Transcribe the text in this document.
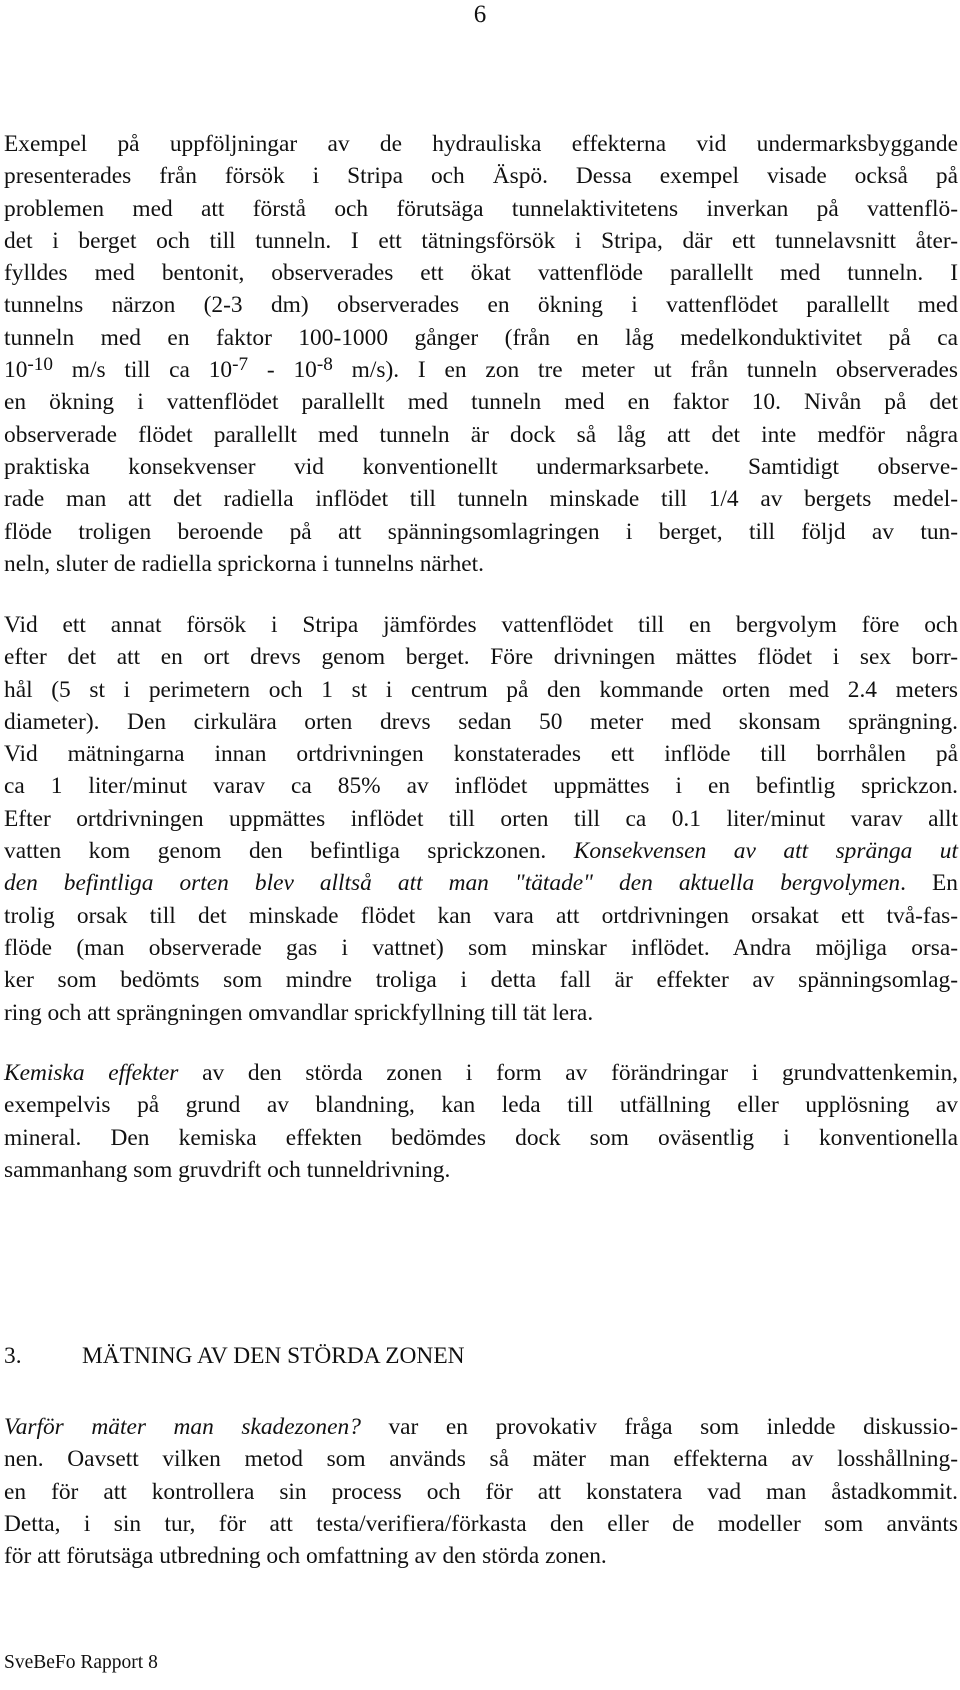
6

Exempel på uppföljningar av de hydrauliska effekterna vid undermarksbyggande
presenterades från försök i Stripa och Äspö. Dessa exempel visade också på
problemen med att förstå och förutsäga tunnelaktivitetens inverkan på vattenflö-
det i berget och till tunneln. I ett tätningsförsök i Stripa, där ett tunnelavsnitt åter-
fylldes med bentonit, observerades ett ökat vattenflöde parallellt med tunneln. I
tunnelns närzon (2-3 dm) observerades en ökning i vattenflödet parallellt med
tunneln med en faktor 100-1000 gånger (från en låg medelkonduktivitet på ca
$10^{-10}$ m/s till ca $10^{-7} - 10^{-8}$ m/s). I en zon tre meter ut från tunneln observerades
en ökning i vattenflödet parallellt med tunneln med en faktor 10. Nivån på det
observerade flödet parallellt med tunneln är dock så låg att det inte medför några
praktiska konsekvenser vid konventionellt undermarksarbete. Samtidigt observe-
rade man att det radiella inflödet till tunneln minskade till 1/4 av bergets medel-
flöde troligen beroende på att spänningsomlagringen i berget, till följd av tun-
neln, sluter de radiella sprickorna i tunnelns närhet.

Vid ett annat försök i Stripa jämfördes vattenflödet till en bergvolym före och
efter det att en ort drevs genom berget. Före drivningen mättes flödet i sex borr-
hål (5 st i perimetern och 1 st i centrum på den kommande orten med 2.4 meters
diameter). Den cirkulära orten drevs sedan 50 meter med skonsam sprängning.
Vid mätningarna innan ortdrivningen konstaterades ett inflöde till borrhålen på
ca 1 liter/minut varav ca 85% av inflödet uppmättes i en befintlig sprickzon.
Efter ortdrivningen uppmättes inflödet till orten till ca 0.1 liter/minut varav allt
vatten kom genom den befintliga sprickzonen. Konsekvensen av att spränga ut
den befintliga orten blev alltså att man "tätade" den aktuella bergvolymen. En
trolig orsak till det minskade flödet kan vara att ortdrivningen orsakat ett två-fas-
flöde (man observerade gas i vattnet) som minskar inflödet. Andra möjliga orsa-
ker som bedömts som mindre troliga i detta fall är effekter av spänningsomlag-
ring och att sprängningen omvandlar sprickfyllning till tät lera.

Kemiska effekter av den störda zonen i form av förändringar i grundvattenkemin,
exempelvis på grund av blandning, kan leda till utfällning eller upplösning av
mineral. Den kemiska effekten bedömdes dock som oväsentlig i konventionella
sammanhang som gruvdrift och tunneldrivning.

3.	MÄTNING AV DEN STÖRDA ZONEN

Varför mäter man skadezonen? var en provokativ fråga som inledde diskussio-
nen. Oavsett vilken metod som används så mäter man effekterna av losshållning-
en för att kontrollera sin process och för att konstatera vad man åstadkommit.
Detta, i sin tur, för att testa/verifiera/förkasta den eller de modeller som använts
för att förutsäga utbredning och omfattning av den störda zonen.

SveBeFo Rapport 8
